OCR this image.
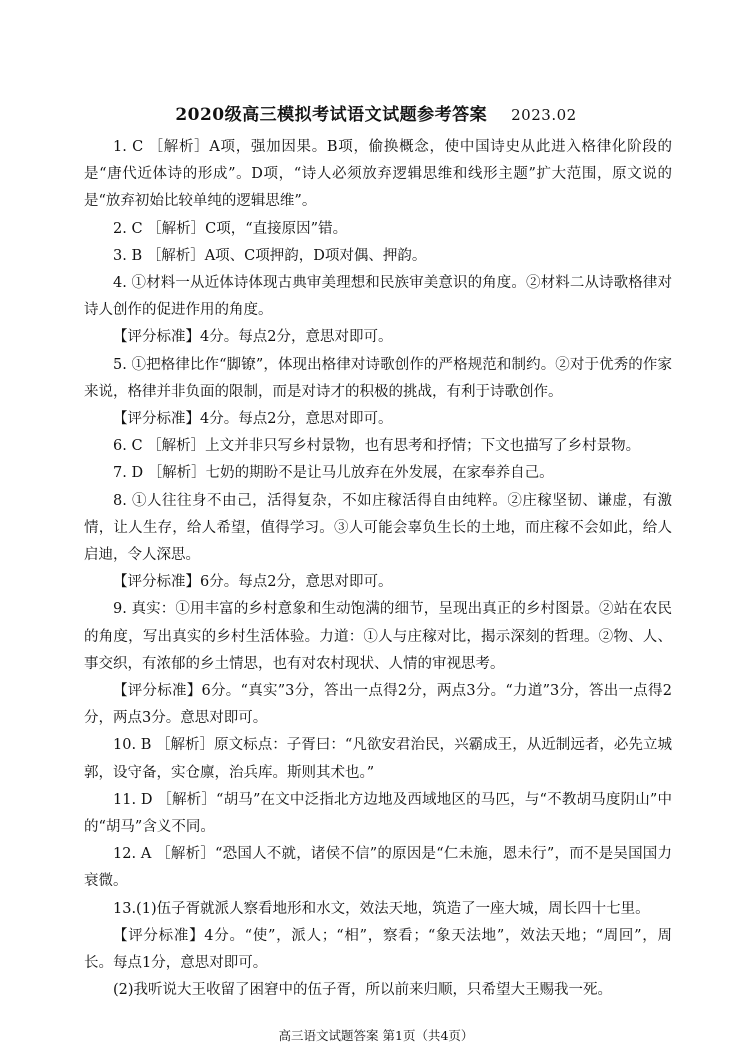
2020级高三模拟考试语文试题参考答案 2023.02

1. C ［解析］A项，强加因果。B项，偷换概念，使中国诗史从此进入格律化阶段的是“唐代近体诗的形成”。D项，“诗人必须放弃逻辑思维和线形主题”扩大范围，原文说的是“放弃初始比较单纯的逻辑思维”。

2. C ［解析］C项，“直接原因”错。

3. B ［解析］A项、C项押韵，D项对偶、押韵。

4. ①材料一从近体诗体现古典审美理想和民族审美意识的角度。②材料二从诗歌格律对诗人创作的促进作用的角度。

【评分标准】4分。每点2分，意思对即可。

5. ①把格律比作“脚镣”，体现出格律对诗歌创作的严格规范和制约。②对于优秀的作家来说，格律并非负面的限制，而是对诗才的积极的挑战，有利于诗歌创作。

【评分标准】4分。每点2分，意思对即可。

6. C ［解析］上文并非只写乡村景物，也有思考和抒情；下文也描写了乡村景物。

7. D ［解析］七奶的期盼不是让马儿放弃在外发展，在家奉养自己。

8. ①人往往身不由己，活得复杂，不如庄稼活得自由纯粹。②庄稼坚韧、谦虚，有激情，让人生存，给人希望，值得学习。③人可能会辜负生长的土地，而庄稼不会如此，给人启迪，令人深思。

【评分标准】6分。每点2分，意思对即可。

9. 真实：①用丰富的乡村意象和生动饱满的细节，呈现出真正的乡村图景。②站在农民的角度，写出真实的乡村生活体验。力道：①人与庄稼对比，揭示深刻的哲理。②物、人、事交织，有浓郁的乡土情思，也有对农村现状、人情的审视思考。

【评分标准】6分。“真实”3分，答出一点得2分，两点3分。“力道”3分，答出一点得2分，两点3分。意思对即可。

10. B ［解析］原文标点：子胥曰：“凡欲安君治民，兴霸成王，从近制远者，必先立城郭，设守备，实仓廪，治兵库。斯则其术也。”

11. D ［解析］“胡马”在文中泛指北方边地及西域地区的马匹，与“不教胡马度阴山”中的“胡马”含义不同。

12. A ［解析］“恐国人不就，诸侯不信”的原因是“仁未施，恩未行”，而不是吴国国力衰微。

13.(1)伍子胥就派人察看地形和水文，效法天地，筑造了一座大城，周长四十七里。

【评分标准】4分。“使”，派人；“相”，察看；“象天法地”，效法天地；“周回”，周长。每点1分，意思对即可。

(2)我听说大王收留了困窘中的伍子胥，所以前来归顺，只希望大王赐我一死。

高三语文试题答案 第1页（共4页）
